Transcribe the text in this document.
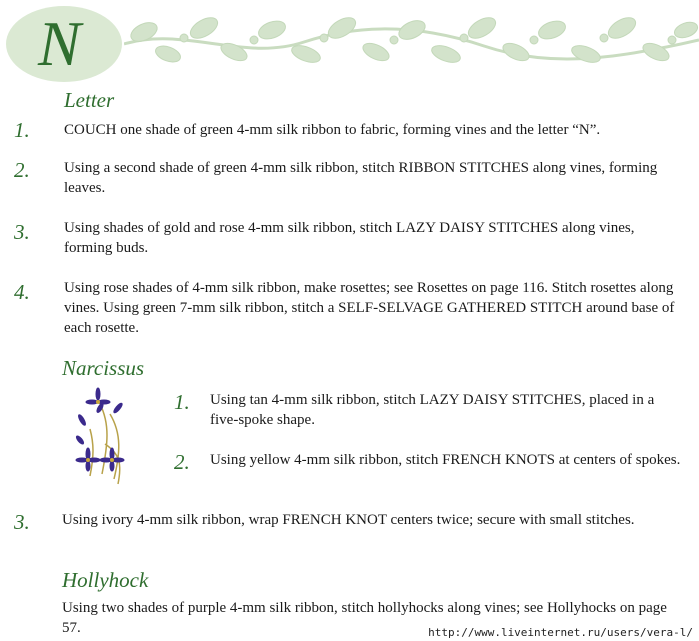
N
Letter
1. COUCH one shade of green 4-mm silk ribbon to fabric, forming vines and the letter “N”.
2. Using a second shade of green 4-mm silk ribbon, stitch RIBBON STITCHES along vines, forming leaves.
3. Using shades of gold and rose 4-mm silk ribbon, stitch LAZY DAISY STITCHES along vines, forming buds.
4. Using rose shades of 4-mm silk ribbon, make rosettes; see Rosettes on page 116. Stitch rosettes along vines. Using green 7-mm silk ribbon, stitch a SELF-SELVAGE GATHERED STITCH around base of each rosette.
Narcissus
1. Using tan 4-mm silk ribbon, stitch LAZY DAISY STITCHES, placed in a five-spoke shape.
2. Using yellow 4-mm silk ribbon, stitch FRENCH KNOTS at centers of spokes.
3. Using ivory 4-mm silk ribbon, wrap FRENCH KNOT centers twice; secure with small stitches.
Hollyhock
Using two shades of purple 4-mm silk ribbon, stitch hollyhocks along vines; see Hollyhocks on page 57.	http://www.liveinternet.ru/users/vera-l/
